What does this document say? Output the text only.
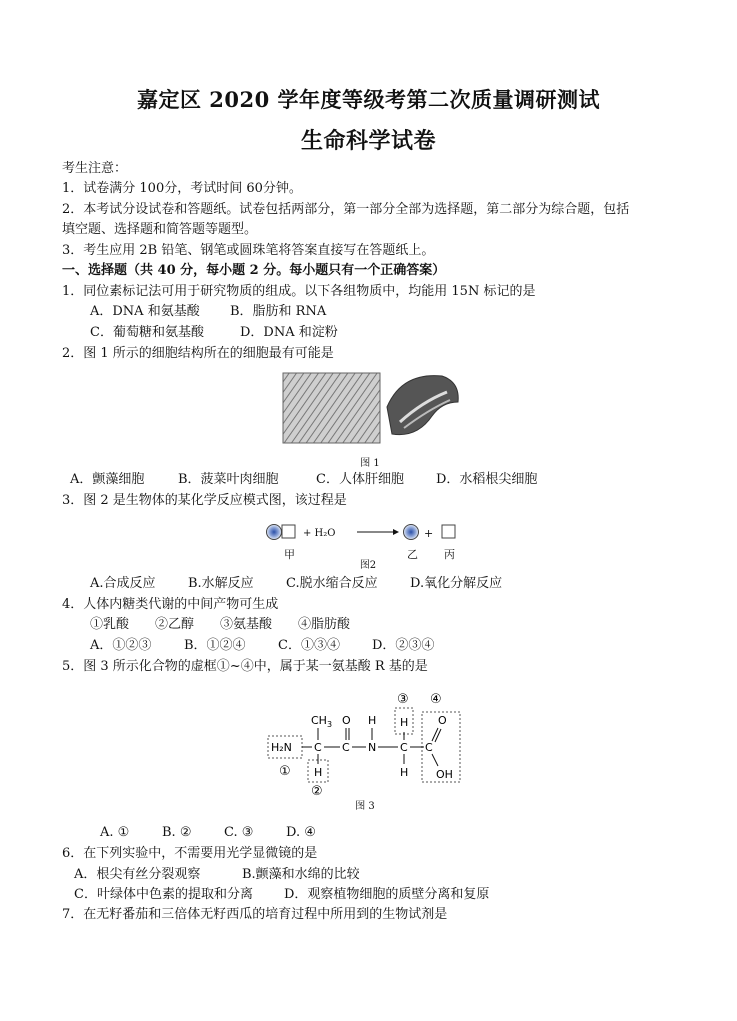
嘉定区 2020 学年度等级考第二次质量调研测试
生命科学试卷
考生注意：
1．试卷满分 100分，考试时间 60分钟。
2．本考试分设试卷和答题纸。试卷包括两部分，第一部分全部为选择题，第二部分为综合题，包括
填空题、选择题和简答题等题型。
3．考生应用 2B 铅笔、钢笔或圆珠笔将答案直接写在答题纸上。
一、选择题（共 40 分，每小题 2 分。每小题只有一个正确答案）
1．同位素标记法可用于研究物质的组成。以下各组物质中，均能用 15N 标记的是
A．DNA 和氨基酸 B．脂肪和 RNA
C．葡萄糖和氨基酸	D．DNA 和淀粉
2．图 1 所示的细胞结构所在的细胞最有可能是
图 1
A．颤藻细胞	B．菠菜叶肉细胞	C．人体肝细胞 D．水稻根尖细胞
3．图 2 是生物体的某化学反应模式图，该过程是
+ H₂O	+
甲	乙 丙
图2
A.合成反应 B.水解反应 C.脱水缩合反应 D.氧化分解反应
4．人体内糖类代谢的中间产物可生成
①乳酸　　②乙醇　　③氨基酸　　④脂肪酸
A．①②③	B．①②④ C．①③④ D．②③④
5．图 3 所示化合物的虚框①~④中，属于某一氨基酸 R 基的是
CH 3 O H
H₂N C C N C C
H
H
H
O
OH
①
②
③ ④
图 3
A. ①	B. ②	C. ③	D. ④
6．在下列实验中，不需要用光学显微镜的是
A．根尖有丝分裂观察	B.颤藻和水绵的比较
C．叶绿体中色素的提取和分离 D．观察植物细胞的质壁分离和复原
7．在无籽番茄和三倍体无籽西瓜的培育过程中所用到的生物试剂是
